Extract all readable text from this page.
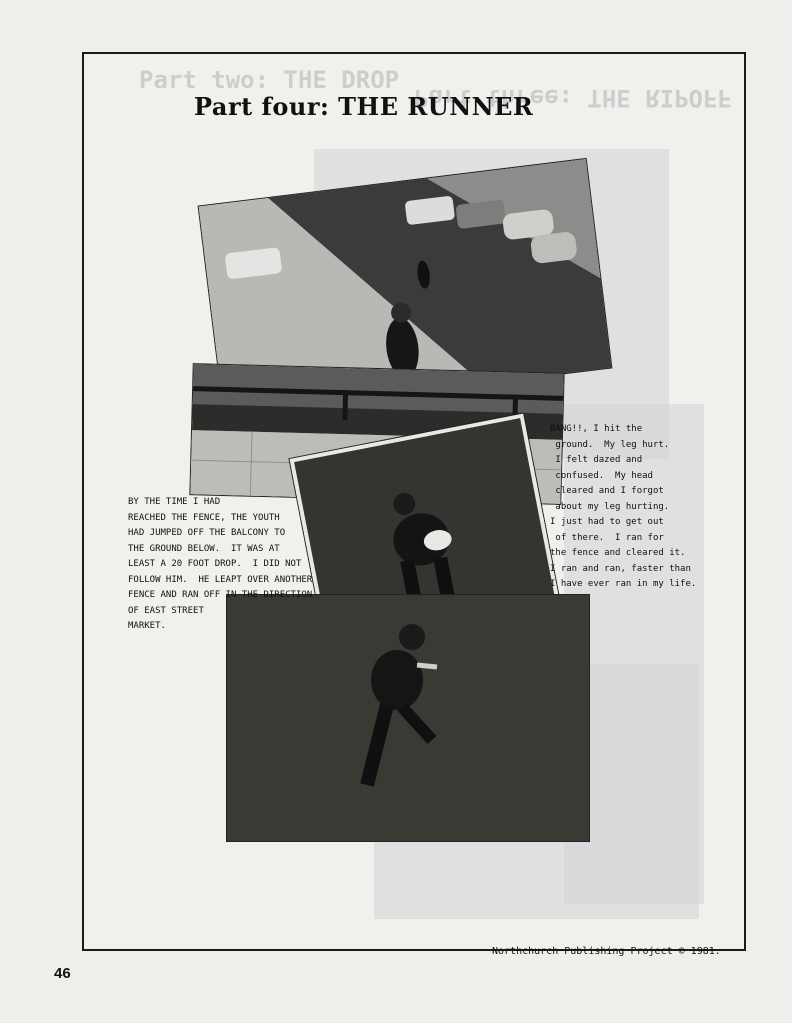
Part two: THE DROP
Part three: THE RIPOFF
Part four: THE RUNNER
BANG!!, I hit the
ground.  My leg hurt.
I felt dazed and
confused.  My head
cleared and I forgot
about my leg hurting.
I just had to get out
of there.  I ran for
the fence and cleared it.
I ran and ran, faster than
I have ever ran in my life.
BY THE TIME I HAD
REACHED THE FENCE, THE YOUTH
HAD JUMPED OFF THE BALCONY TO
THE GROUND BELOW.  IT WAS AT
LEAST A 20 FOOT DROP.  I DID NOT
FOLLOW HIM.  HE LEAPT OVER ANOTHER
FENCE AND RAN OFF IN THE DIRECTION
OF EAST STREET
MARKET.
Northchurch Publishing Project © 1981.
46
